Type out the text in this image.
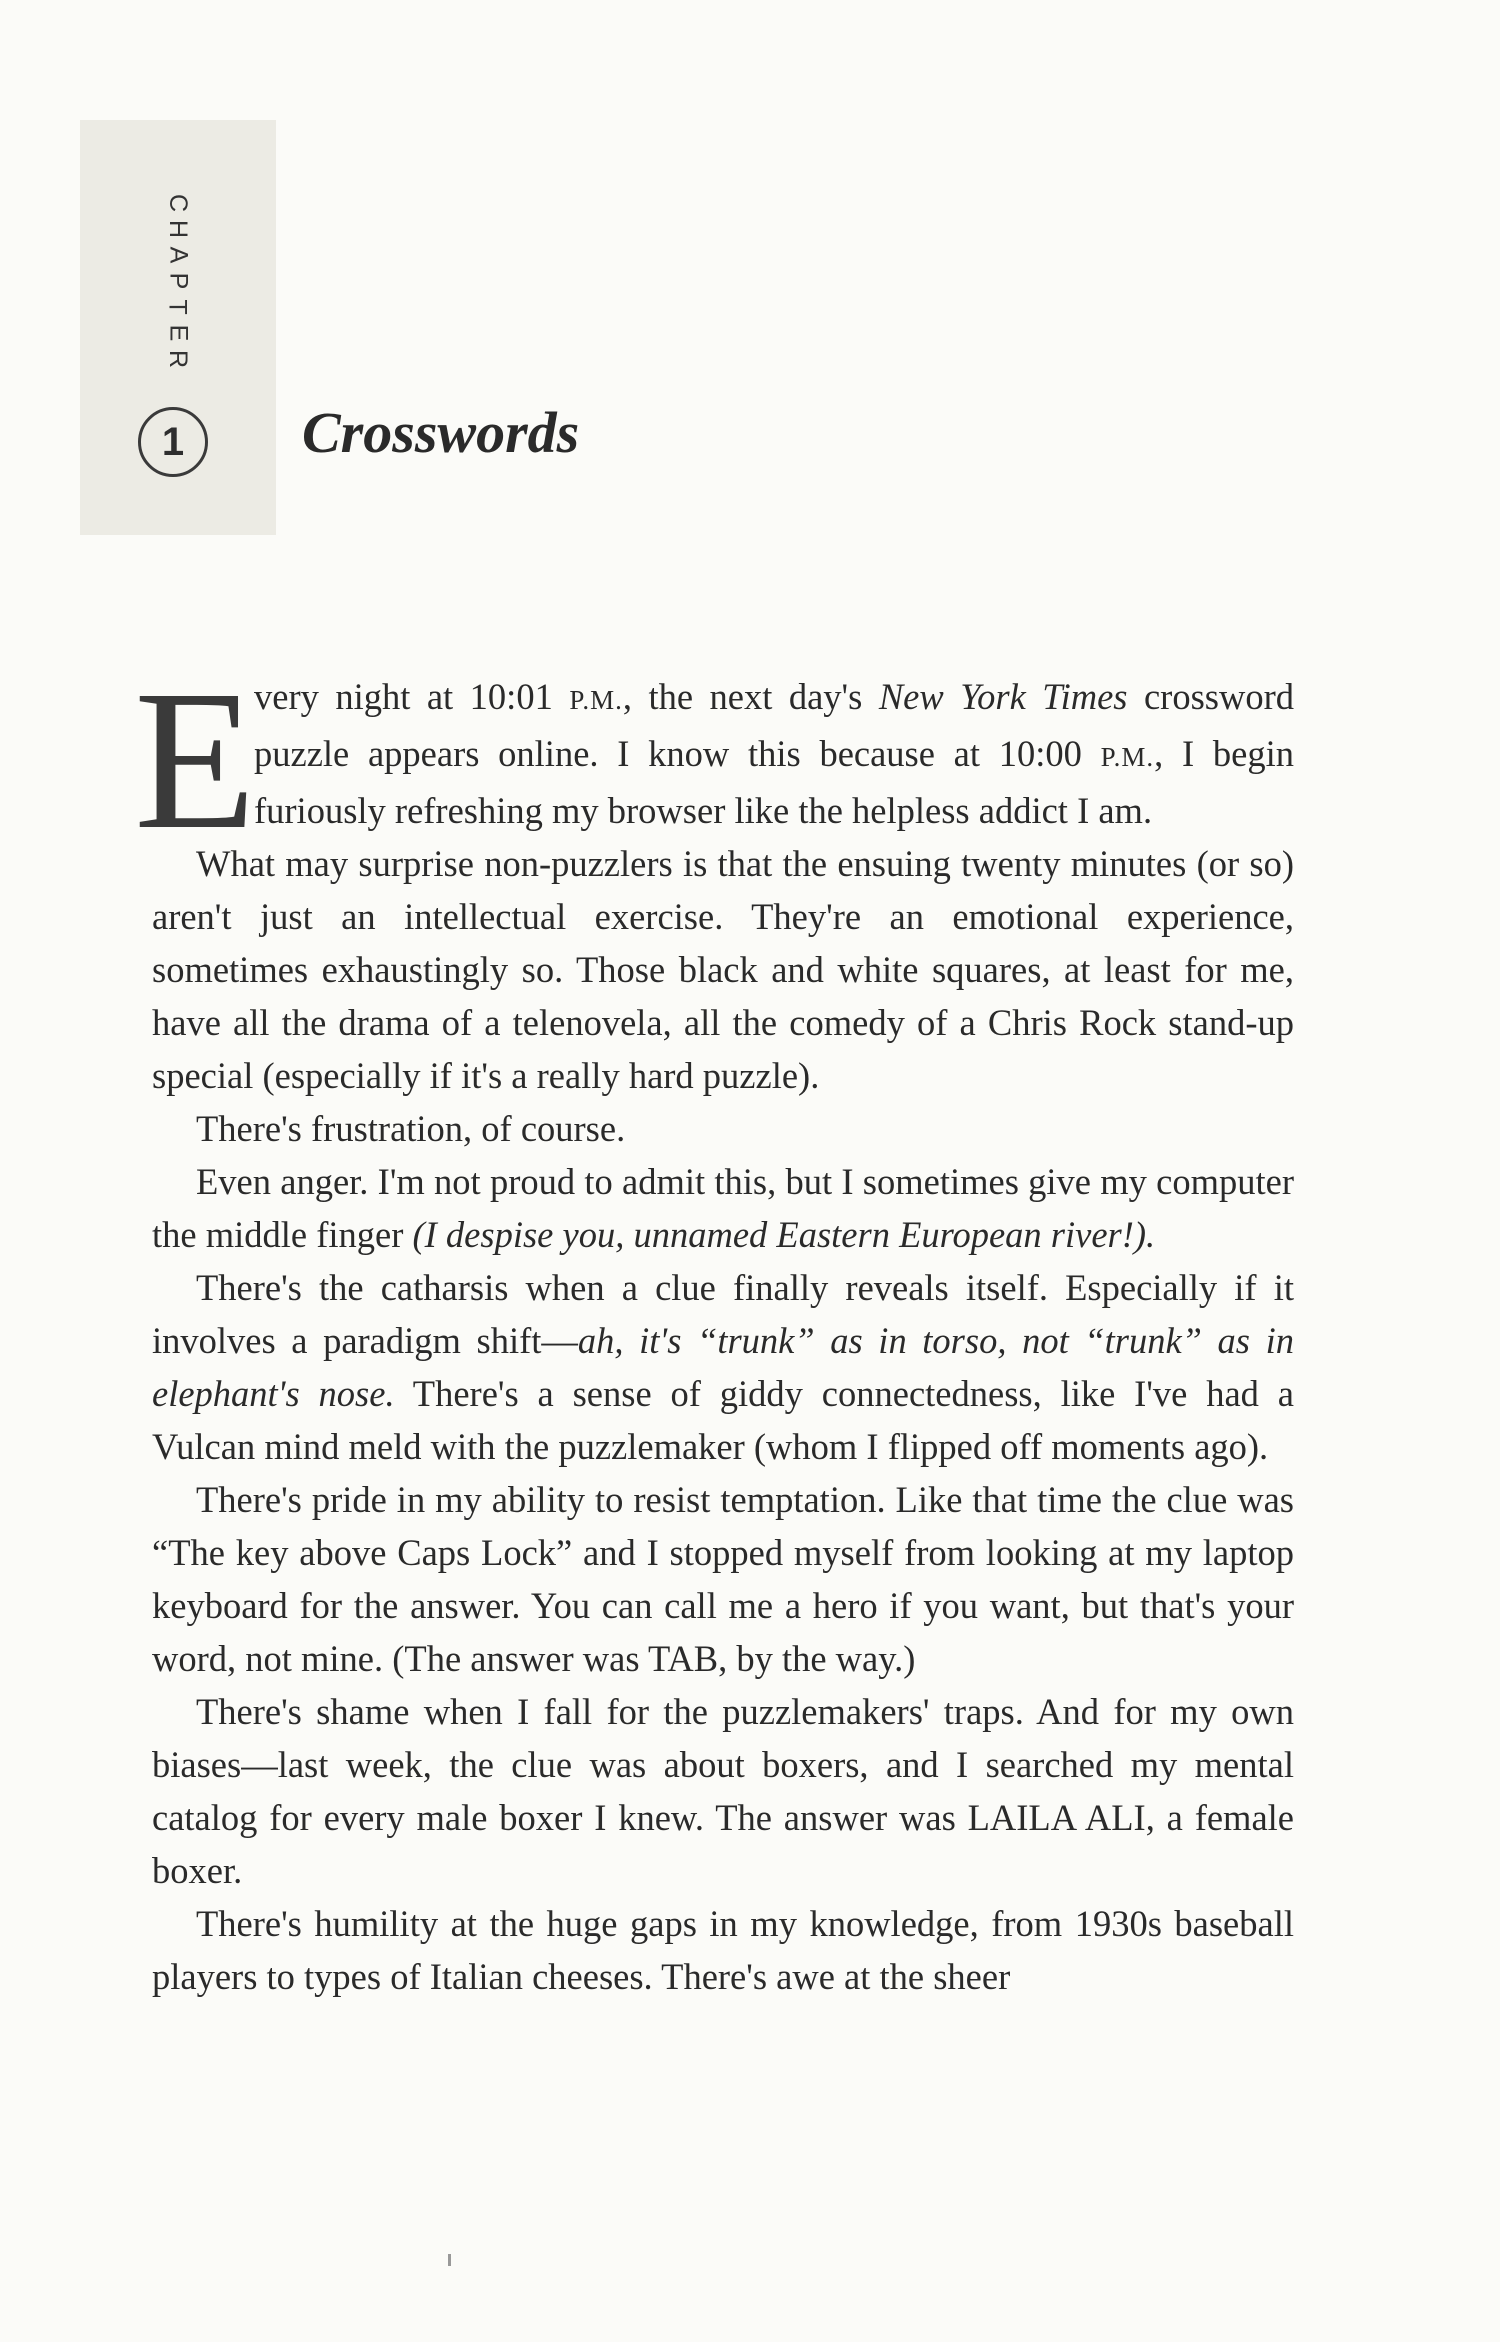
C
H
A
P
T
E
R
1 Crosswords

E
very night at 10:01 P.M., the next day's New York Times crossword puzzle appears online. I know this because at 10:00 P.M., I begin furiously refreshing my browser like the helpless addict I am.

What may surprise non-puzzlers is that the ensuing twenty minutes (or so) aren't just an intellectual exercise. They're an emotional experience, sometimes exhaustingly so. Those black and white squares, at least for me, have all the drama of a telenovela, all the comedy of a Chris Rock stand-up special (especially if it's a really hard puzzle).

There's frustration, of course.

Even anger. I'm not proud to admit this, but I sometimes give my computer the middle finger (I despise you, unnamed Eastern European river!).

There's the catharsis when a clue finally reveals itself. Especially if it involves a paradigm shift—ah, it's “trunk” as in torso, not “trunk” as in elephant's nose. There's a sense of giddy connectedness, like I've had a Vulcan mind meld with the puzzlemaker (whom I flipped off moments ago).

There's pride in my ability to resist temptation. Like that time the clue was “The key above Caps Lock” and I stopped myself from looking at my laptop keyboard for the answer. You can call me a hero if you want, but that's your word, not mine. (The answer was TAB, by the way.)

There's shame when I fall for the puzzlemakers' traps. And for my own biases—last week, the clue was about boxers, and I searched my mental catalog for every male boxer I knew. The answer was LAILA ALI, a female boxer.

There's humility at the huge gaps in my knowledge, from 1930s baseball players to types of Italian cheeses. There's awe at the sheer
